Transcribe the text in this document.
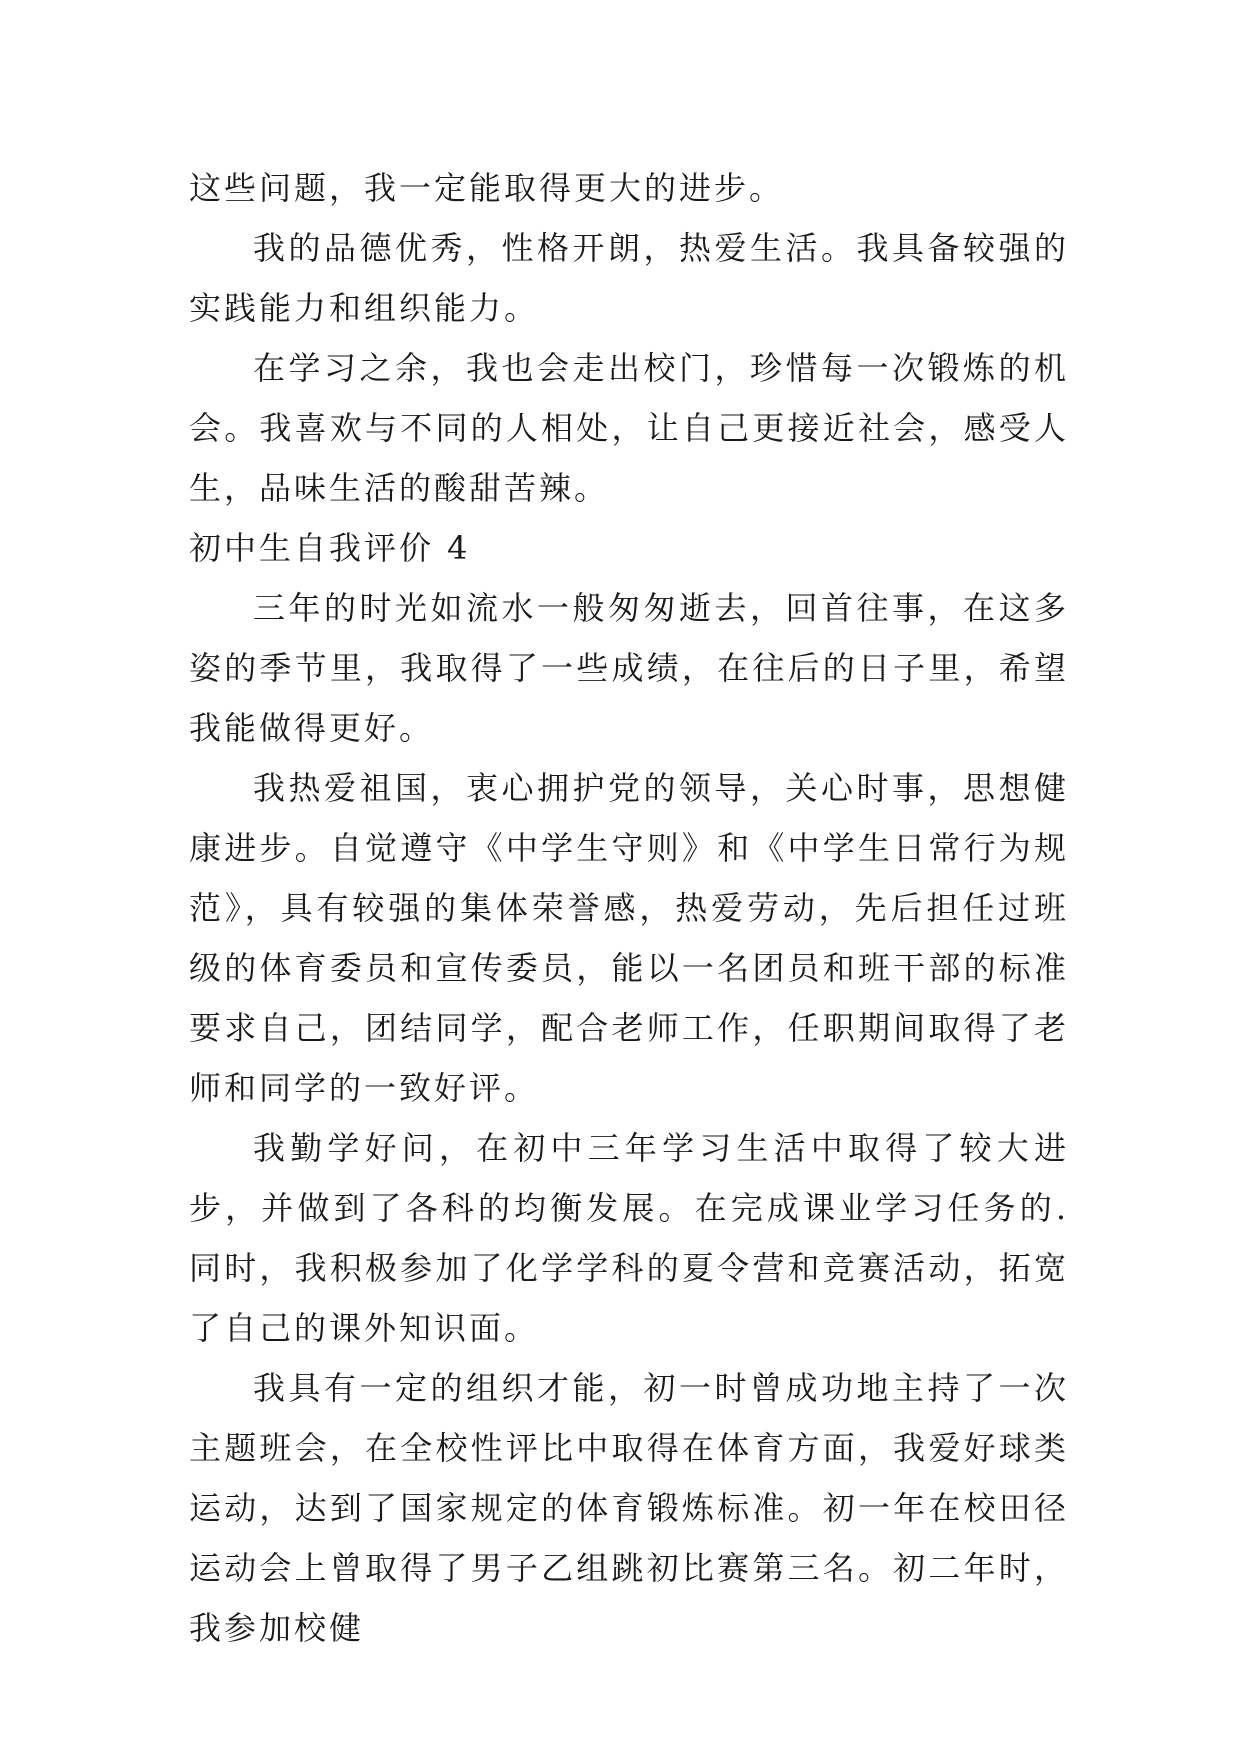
这些问题，我一定能取得更大的进步。

我的品德优秀，性格开朗，热爱生活。我具备较强的实践能力和组织能力。

在学习之余，我也会走出校门，珍惜每一次锻炼的机会。我喜欢与不同的人相处，让自己更接近社会，感受人生，品味生活的酸甜苦辣。

初中生自我评价 4

三年的时光如流水一般匆匆逝去，回首往事，在这多姿的季节里，我取得了一些成绩，在往后的日子里，希望我能做得更好。

我热爱祖国，衷心拥护党的领导，关心时事，思想健康进步。自觉遵守《中学生守则》和《中学生日常行为规范》，具有较强的集体荣誉感，热爱劳动，先后担任过班级的体育委员和宣传委员，能以一名团员和班干部的标准要求自己，团结同学，配合老师工作，任职期间取得了老师和同学的一致好评。

我勤学好问，在初中三年学习生活中取得了较大进步，并做到了各科的均衡发展。在完成课业学习任务的.同时，我积极参加了化学学科的夏令营和竞赛活动，拓宽了自己的课外知识面。

我具有一定的组织才能，初一时曾成功地主持了一次主题班会，在全校性评比中取得在体育方面，我爱好球类运动，达到了国家规定的体育锻炼标准。初一年在校田径运动会上曾取得了男子乙组跳初比赛第三名。初二年时，我参加校健
